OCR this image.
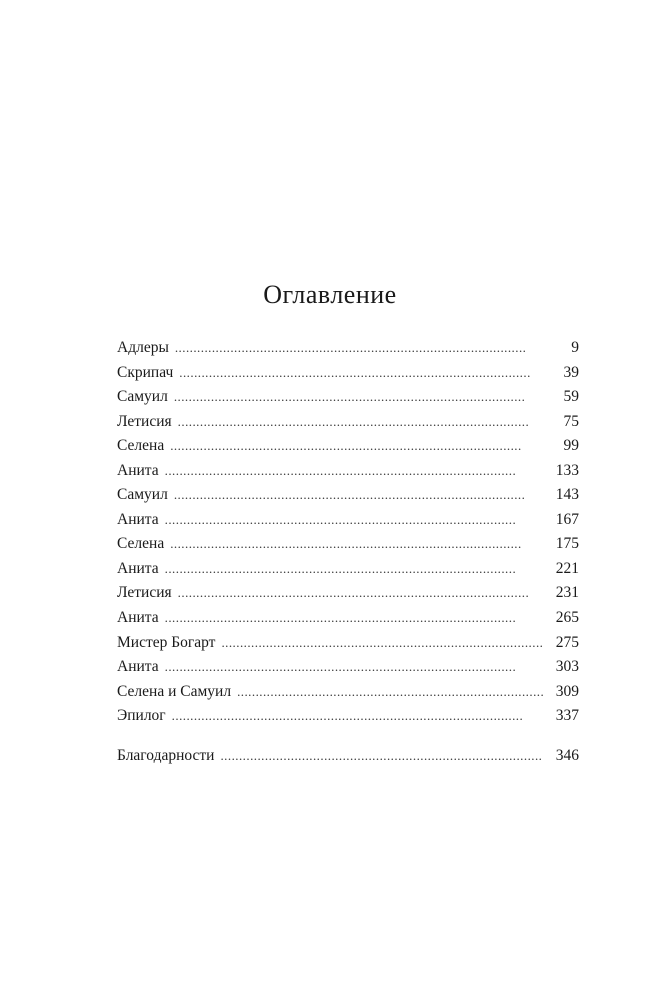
Оглавление
Адлеры . . .	9
Скрипач . . .	39
Самуил . . .	59
Летисия . . .	75
Селена . . .	99
Анита . . .	133
Самуил . . .	143
Анита . . .	167
Селена . . .	175
Анита . . .	221
Летисия . . .	231
Анита . . .	265
Мистер Богарт . . .	275
Анита . . .	303
Селена и Самуил . . .	309
Эпилог . . .	337
Благодарности . . .	346
